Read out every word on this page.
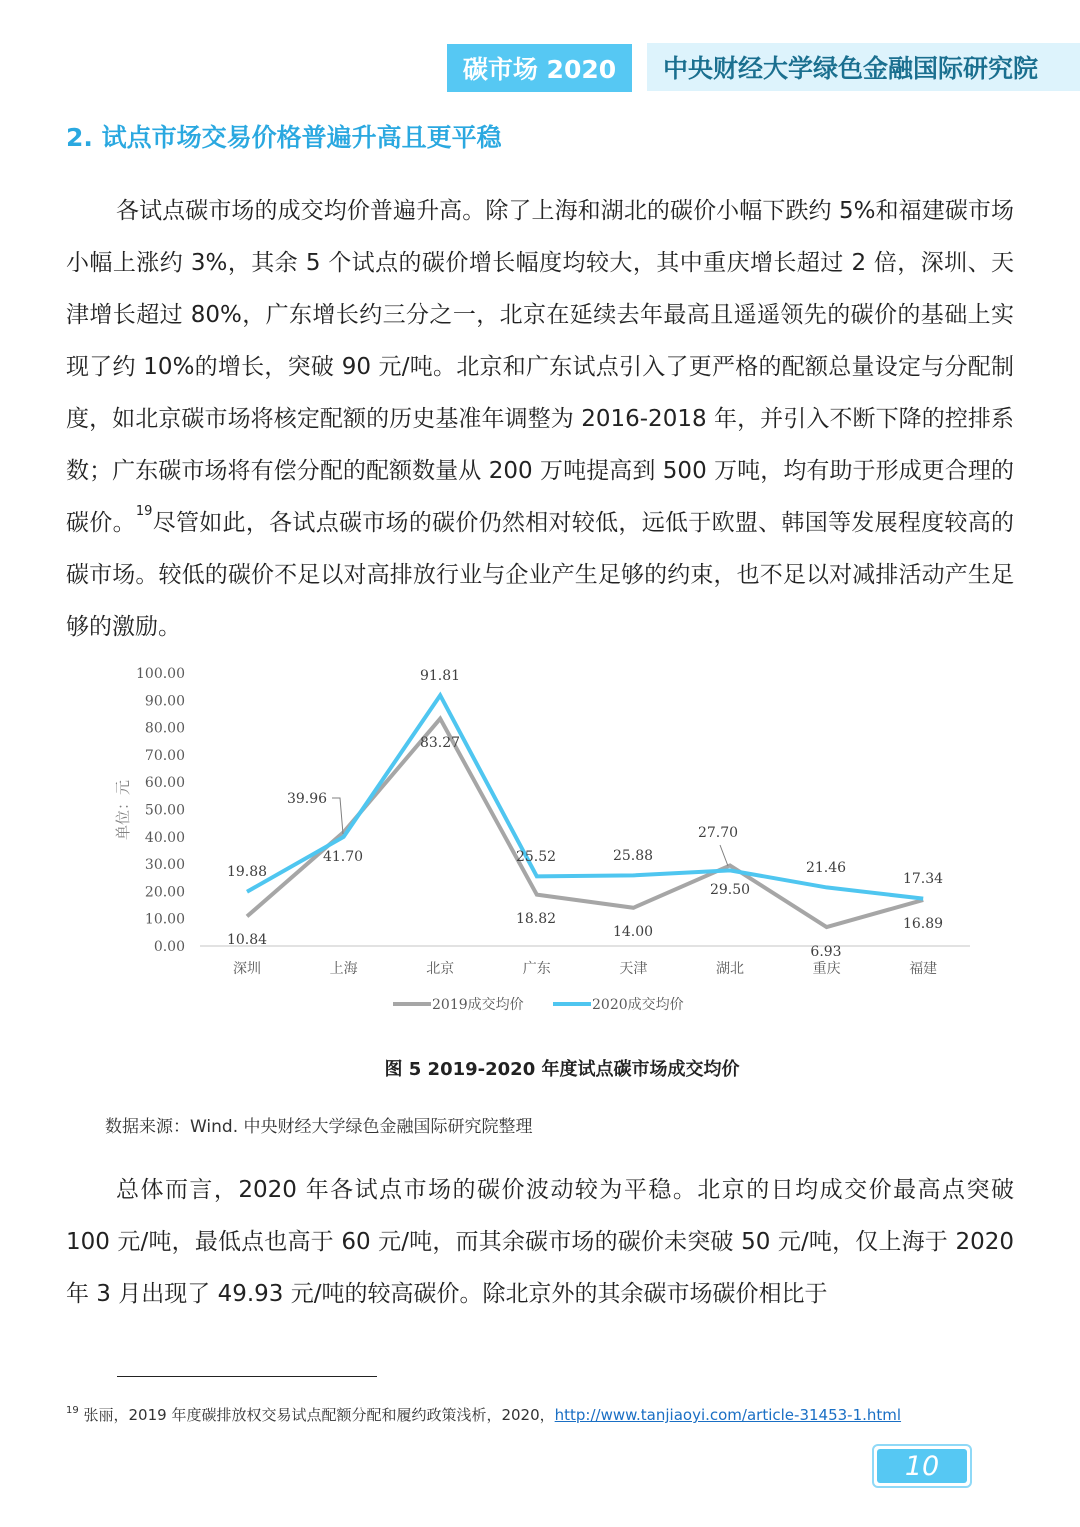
碳市场 2020	中央财经大学绿色金融国际研究院
2. 试点市场交易价格普遍升高且更平稳
各试点碳市场的成交均价普遍升高。除了上海和湖北的碳价小幅下跌约 5%和福建碳市场小幅上涨约 3%，其余 5 个试点的碳价增长幅度均较大，其中重庆增长超过 2 倍，深圳、天津增长超过 80%，广东增长约三分之一，北京在延续去年最高且遥遥领先的碳价的基础上实现了约 10%的增长，突破 90 元/吨。北京和广东试点引入了更严格的配额总量设定与分配制度，如北京碳市场将核定配额的历史基准年调整为 2016-2018 年，并引入不断下降的控排系数；广东碳市场将有偿分配的配额数量从 200 万吨提高到 500 万吨，均有助于形成更合理的碳价。$^{19}$尽管如此，各试点碳市场的碳价仍然相对较低，远低于欧盟、韩国等发展程度较高的碳市场。较低的碳价不足以对高排放行业与企业产生足够的约束，也不足以对减排活动产生足够的激励。
0.00
10.00
20.00
30.00
40.00
50.00
60.00
70.00
80.00
90.00
100.00
深圳	上海	北京	广东	天津	湖北	重庆	福建
单位：元
10.84
41.70
83.27
18.82
14.00
29.50
6.93
16.89
19.88
39.96
91.81
25.52	25.88
27.70
21.46
17.34
2019成交均价	2020成交均价
图 5 2019-2020 年度试点碳市场成交均价
数据来源：Wind. 中央财经大学绿色金融国际研究院整理
总体而言，2020 年各试点市场的碳价波动较为平稳。北京的日均成交价最高点突破 100 元/吨，最低点也高于 60 元/吨，而其余碳市场的碳价未突破 50 元/吨，仅上海于 2020 年 3 月出现了 49.93 元/吨的较高碳价。除北京外的其余碳市场碳价相比于
$^{19}$ 张丽，2019 年度碳排放权交易试点配额分配和履约政策浅析，2020，http://www.tanjiaoyi.com/article-31453-1.html
10
